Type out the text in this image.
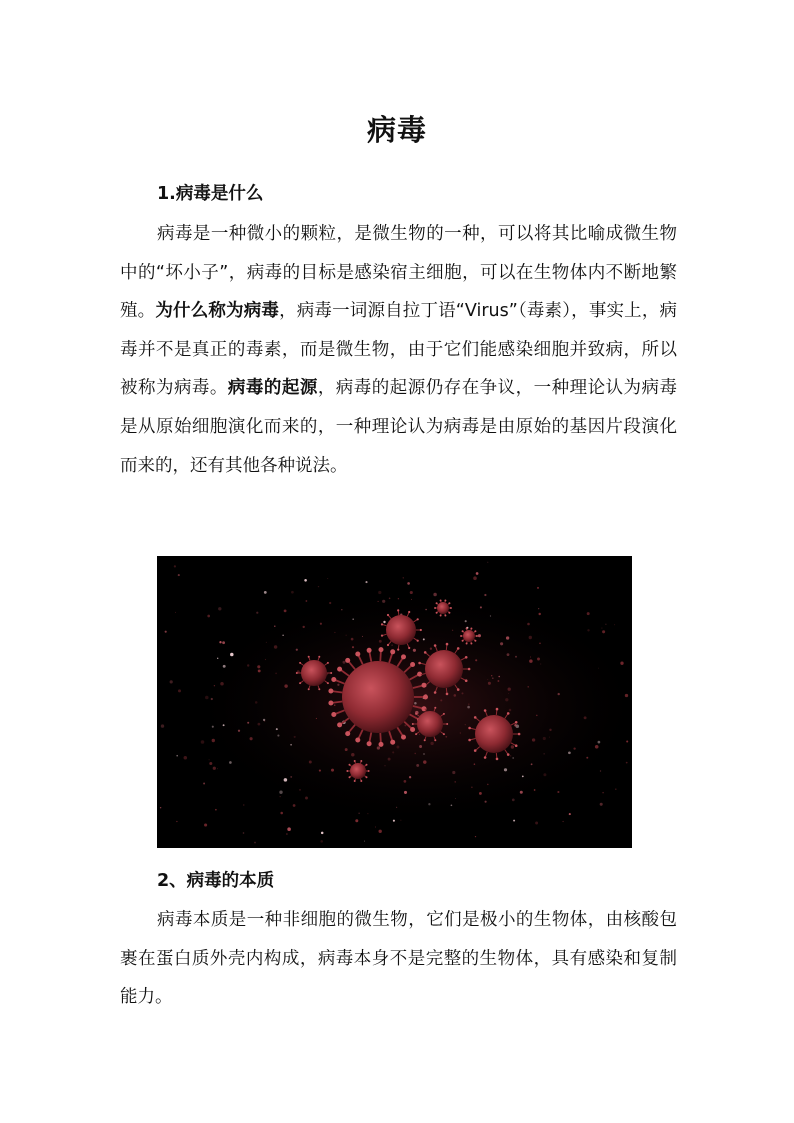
病毒
1.病毒是什么

病毒是一种微小的颗粒，是微生物的一种，可以将其比喻成微生物中的“坏小子”，病毒的目标是感染宿主细胞，可以在生物体内不断地繁殖。为什么称为病毒，病毒一词源自拉丁语“Virus”（毒素），事实上，病毒并不是真正的毒素，而是微生物，由于它们能感染细胞并致病，所以被称为病毒。病毒的起源，病毒的起源仍存在争议，一种理论认为病毒是从原始细胞演化而来的，一种理论认为病毒是由原始的基因片段演化而来的，还有其他各种说法。

2、病毒的本质

病毒本质是一种非细胞的微生物，它们是极小的生物体，由核酸包裹在蛋白质外壳内构成，病毒本身不是完整的生物体，具有感染和复制能力。
